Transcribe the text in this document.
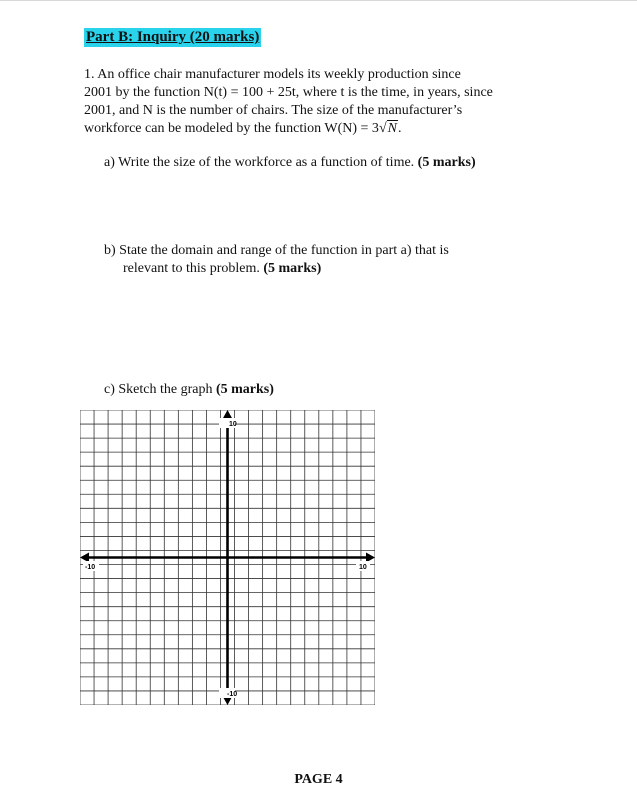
Part B: Inquiry (20 marks)
1. An office chair manufacturer models its weekly production since
2001 by the function N(t) = 100 + 25t, where t is the time, in years, since
2001, and N is the number of chairs. The size of the manufacturer’s
workforce can be modeled by the function W(N) = 3√N.
a) Write the size of the workforce as a function of time. (5 marks)
b) State the domain and range of the function in part a) that is
relevant to this problem. (5 marks)
c) Sketch the graph (5 marks)
10
-10
-10	10
PAGE 4
